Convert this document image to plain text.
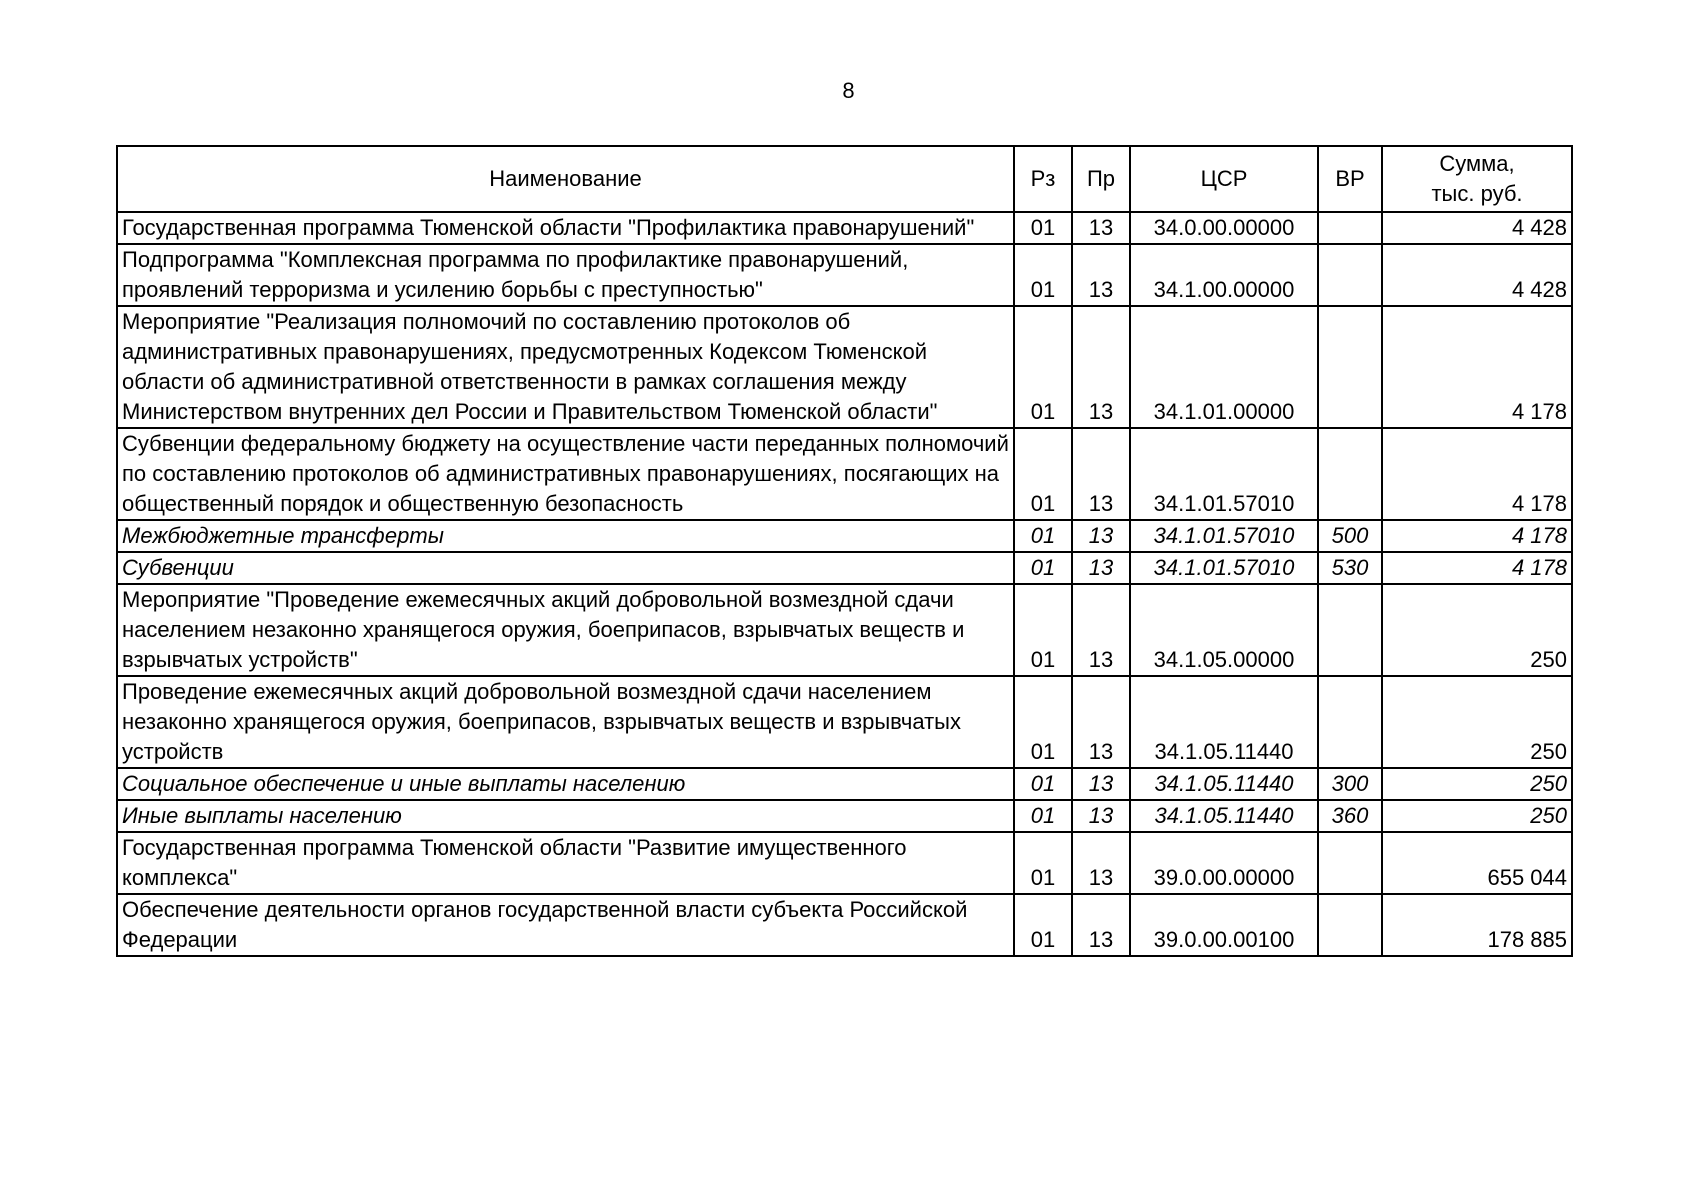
8
Наименование	Рз	Пр	ЦСР	ВР	Сумма,
тыс. руб.
Государственная программа Тюменской области "Профилактика правонарушений"	01	13	34.0.00.00000		4 428
Подпрограмма "Комплексная программа по профилактике правонарушений, проявлений терроризма и усилению борьбы с преступностью"	01	13	34.1.00.00000		4 428
Мероприятие "Реализация полномочий по составлению протоколов об административных правонарушениях, предусмотренных Кодексом Тюменской области об административной ответственности в рамках соглашения между Министерством внутренних дел России и Правительством Тюменской области"	01	13	34.1.01.00000		4 178
Субвенции федеральному бюджету на осуществление части переданных полномочий по составлению протоколов об административных правонарушениях, посягающих на общественный порядок и общественную безопасность	01	13	34.1.01.57010		4 178
Межбюджетные трансферты	01	13	34.1.01.57010	500	4 178
Субвенции	01	13	34.1.01.57010	530	4 178
Мероприятие "Проведение ежемесячных акций добровольной возмездной сдачи населением незаконно хранящегося оружия, боеприпасов, взрывчатых веществ и взрывчатых устройств"	01	13	34.1.05.00000		250
Проведение ежемесячных акций добровольной возмездной сдачи населением незаконно хранящегося оружия, боеприпасов, взрывчатых веществ и взрывчатых устройств	01	13	34.1.05.11440		250
Социальное обеспечение и иные выплаты населению	01	13	34.1.05.11440	300	250
Иные выплаты населению	01	13	34.1.05.11440	360	250
Государственная программа Тюменской области "Развитие имущественного комплекса"	01	13	39.0.00.00000		655 044
Обеспечение деятельности органов государственной власти субъекта Российской Федерации	01	13	39.0.00.00100		178 885
